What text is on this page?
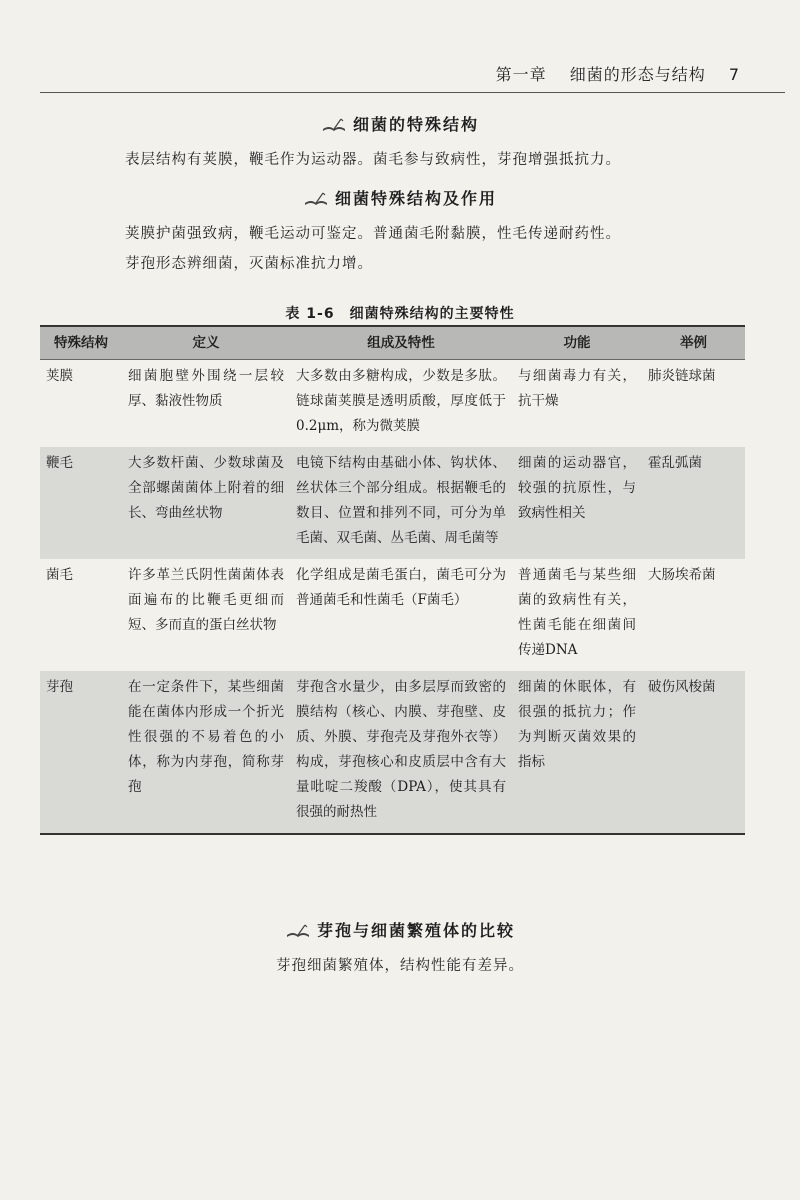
第一章　 细菌的形态与结构　 7
细菌的特殊结构
表层结构有荚膜，鞭毛作为运动器。菌毛参与致病性，芽孢增强抵抗力。
细菌特殊结构及作用
荚膜护菌强致病，鞭毛运动可鉴定。普通菌毛附黏膜，性毛传递耐药性。
芽孢形态辨细菌，灭菌标准抗力增。
表 1-6　细菌特殊结构的主要特性
特殊结构	定义	组成及特性	功能	举例
荚膜	细菌胞壁外围绕一层较厚、黏液性物质	大多数由多糖构成，少数是多肽。链球菌荚膜是透明质酸，厚度低于0.2μm，称为微荚膜	与细菌毒力有关，抗干燥	肺炎链球菌
鞭毛	大多数杆菌、少数球菌及全部螺菌菌体上附着的细长、弯曲丝状物	电镜下结构由基础小体、钩状体、丝状体三个部分组成。根据鞭毛的数目、位置和排列不同，可分为单毛菌、双毛菌、丛毛菌、周毛菌等	细菌的运动器官，较强的抗原性，与致病性相关	霍乱弧菌
菌毛	许多革兰氏阴性菌菌体表面遍布的比鞭毛更细而短、多而直的蛋白丝状物	化学组成是菌毛蛋白，菌毛可分为普通菌毛和性菌毛（F菌毛）	普通菌毛与某些细菌的致病性有关，性菌毛能在细菌间传递DNA	大肠埃希菌
芽孢	在一定条件下，某些细菌能在菌体内形成一个折光性很强的不易着色的小体，称为内芽孢，简称芽孢	芽孢含水量少，由多层厚而致密的膜结构（核心、内膜、芽孢壁、皮质、外膜、芽孢壳及芽孢外衣等）构成，芽孢核心和皮质层中含有大量吡啶二羧酸（DPA），使其具有很强的耐热性	细菌的休眠体，有很强的抵抗力；作为判断灭菌效果的指标	破伤风梭菌
芽孢与细菌繁殖体的比较
芽孢细菌繁殖体，结构性能有差异。
